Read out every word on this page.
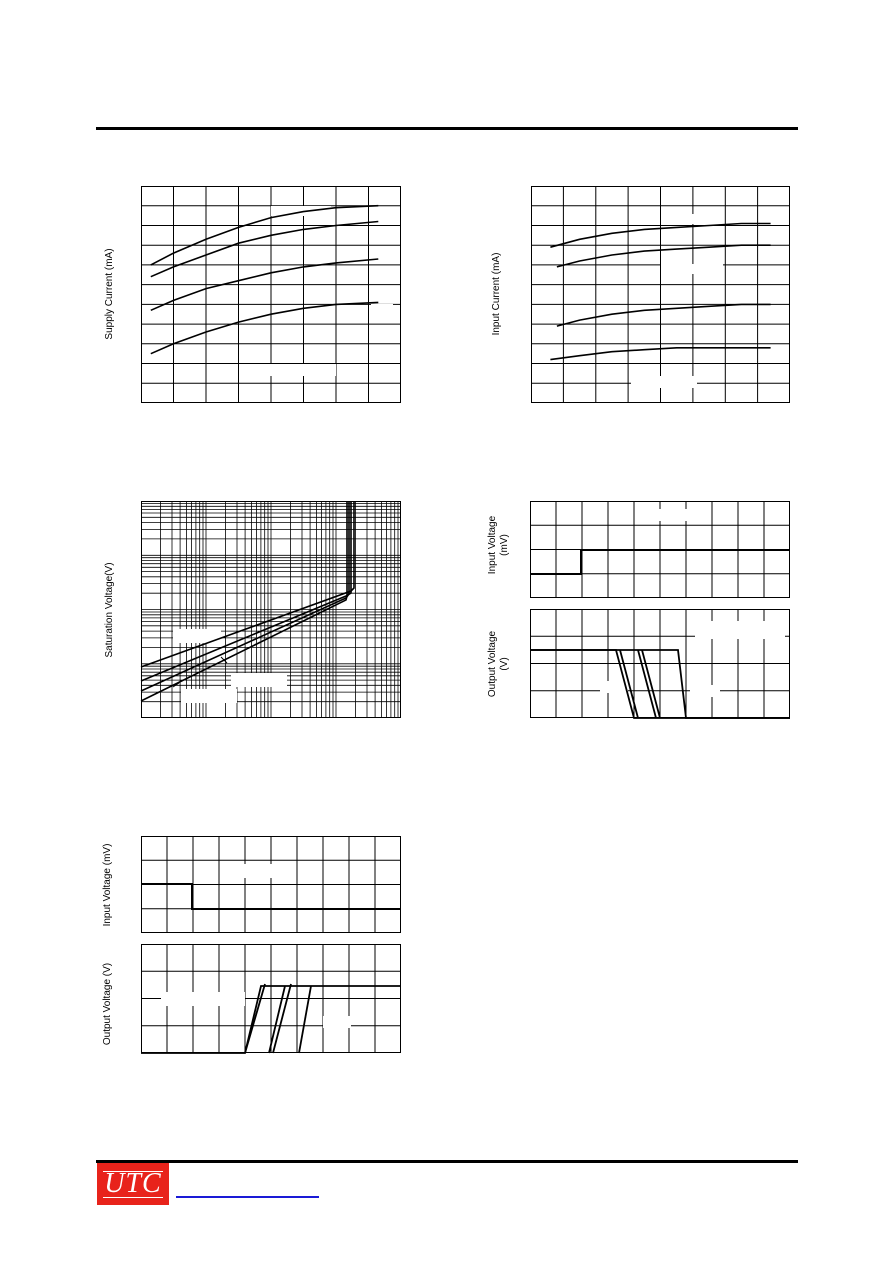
Supply Current (mA)	Input Current (mA)
Saturation Voltage(V)	Input Voltage
(mV)
Output Voltage
(V)
Input Voltage (mV)
Output Voltage (V)
UTC
